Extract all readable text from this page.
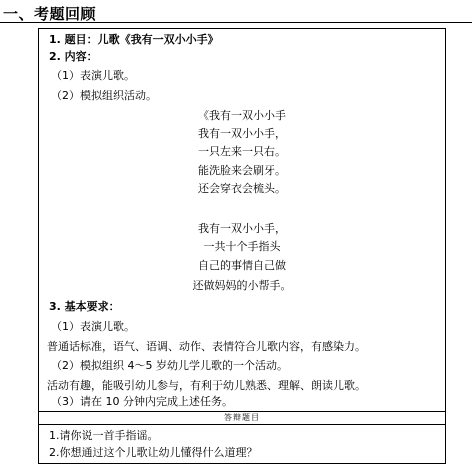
一、考题回顾
1. 题目：儿歌《我有一双小小手》
2. 内容：
（1）表演儿歌。
（2）模拟组织活动。
《我有一双小小手
我有一双小小手，
一只左来一只右。
能洗脸来会刷牙。
还会穿衣会梳头。
我有一双小小手，
一共十个手指头
自己的事情自己做
还做妈妈的小帮手。
3. 基本要求：
（1）表演儿歌。
普通话标准，语气、语调、动作、表情符合儿歌内容，有感染力。
（2）模拟组织 4～5 岁幼儿学儿歌的一个活动。
活动有趣，能吸引幼儿参与，有利于幼儿熟悉、理解、朗读儿歌。
（3）请在 10 分钟内完成上述任务。
答辩题目
1.请你说一首手指谣。
2.你想通过这个儿歌让幼儿懂得什么道理？
